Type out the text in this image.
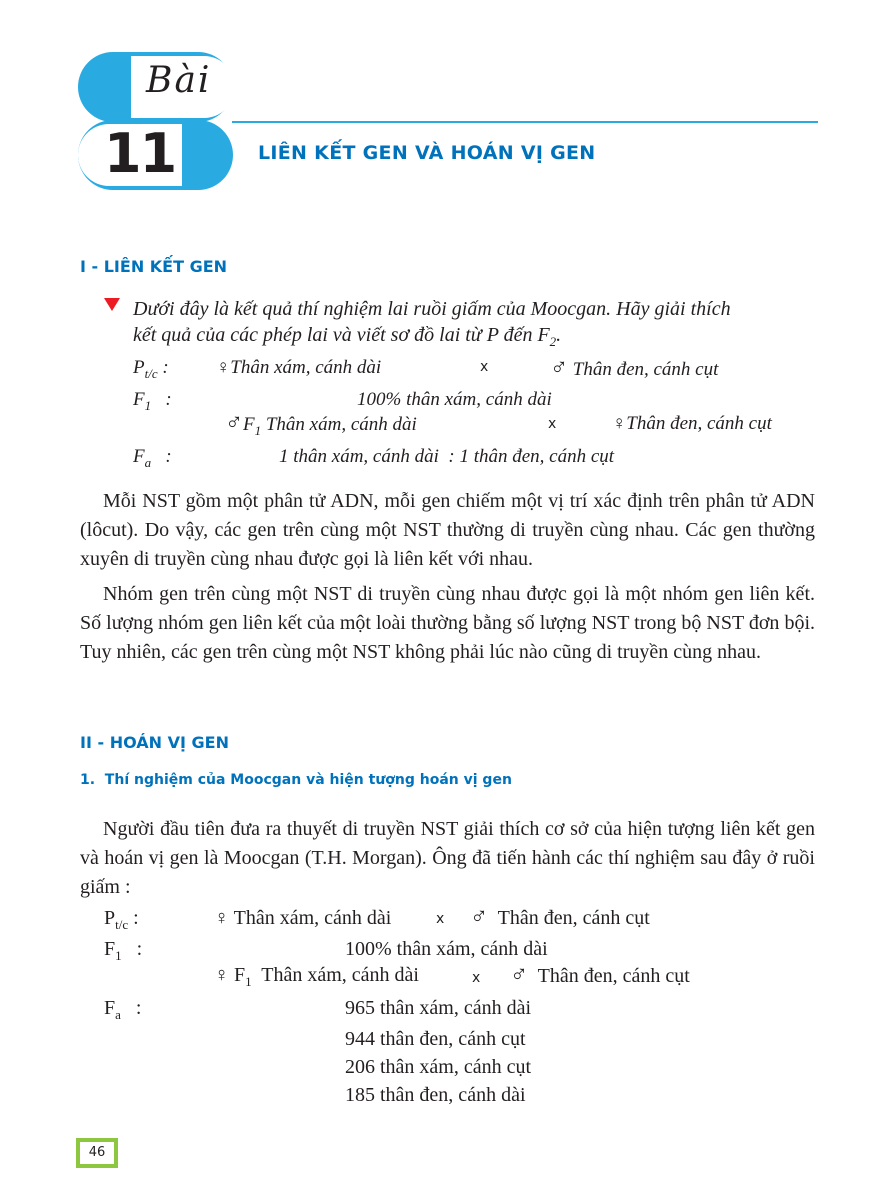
Bài
11	LIÊN KẾT GEN VÀ HOÁN VỊ GEN
I - LIÊN KẾT GEN
Dưới đây là kết quả thí nghiệm lai ruồi giấm của Moocgan. Hãy giải thích
kết quả của các phép lai và viết sơ đồ lai từ P đến $F_2$.
$P_{t/c}$ : ♀Thân xám, cánh dài	x	♂ Thân đen, cánh cụt
$F_1$ :	100% thân xám, cánh dài
$♂F_1$ Thân xám, cánh dài	x	♀Thân đen, cánh cụt
$F_a$ :	1 thân xám, cánh dài  : 1 thân đen, cánh cụt
Mỗi NST gồm một phân tử ADN, mỗi gen chiếm một vị trí xác định trên phân tử ADN (lôcut). Do vậy, các gen trên cùng một NST thường di truyền cùng nhau. Các gen thường xuyên di truyền cùng nhau được gọi là liên kết với nhau.
Nhóm gen trên cùng một NST di truyền cùng nhau được gọi là một nhóm gen liên kết. Số lượng nhóm gen liên kết của một loài thường bằng số lượng NST trong bộ NST đơn bội. Tuy nhiên, các gen trên cùng một NST không phải lúc nào cũng di truyền cùng nhau.
II - HOÁN VỊ GEN
1.  Thí nghiệm của Moocgan và hiện tượng hoán vị gen
Người đầu tiên đưa ra thuyết di truyền NST giải thích cơ sở của hiện tượng liên kết gen và hoán vị gen là Moocgan (T.H. Morgan). Ông đã tiến hành các thí nghiệm sau đây ở ruồi giấm :
$P_{t/c}$ :	♀ Thân xám, cánh dài	x ♂ Thân đen, cánh cụt
$F_1$ :	100% thân xám, cánh dài
♀ $F_1$ Thân xám, cánh dài	x ♂ Thân đen, cánh cụt
$F_a$ :	965 thân xám, cánh dài
944 thân đen, cánh cụt
206 thân xám, cánh cụt
185 thân đen, cánh dài
46
